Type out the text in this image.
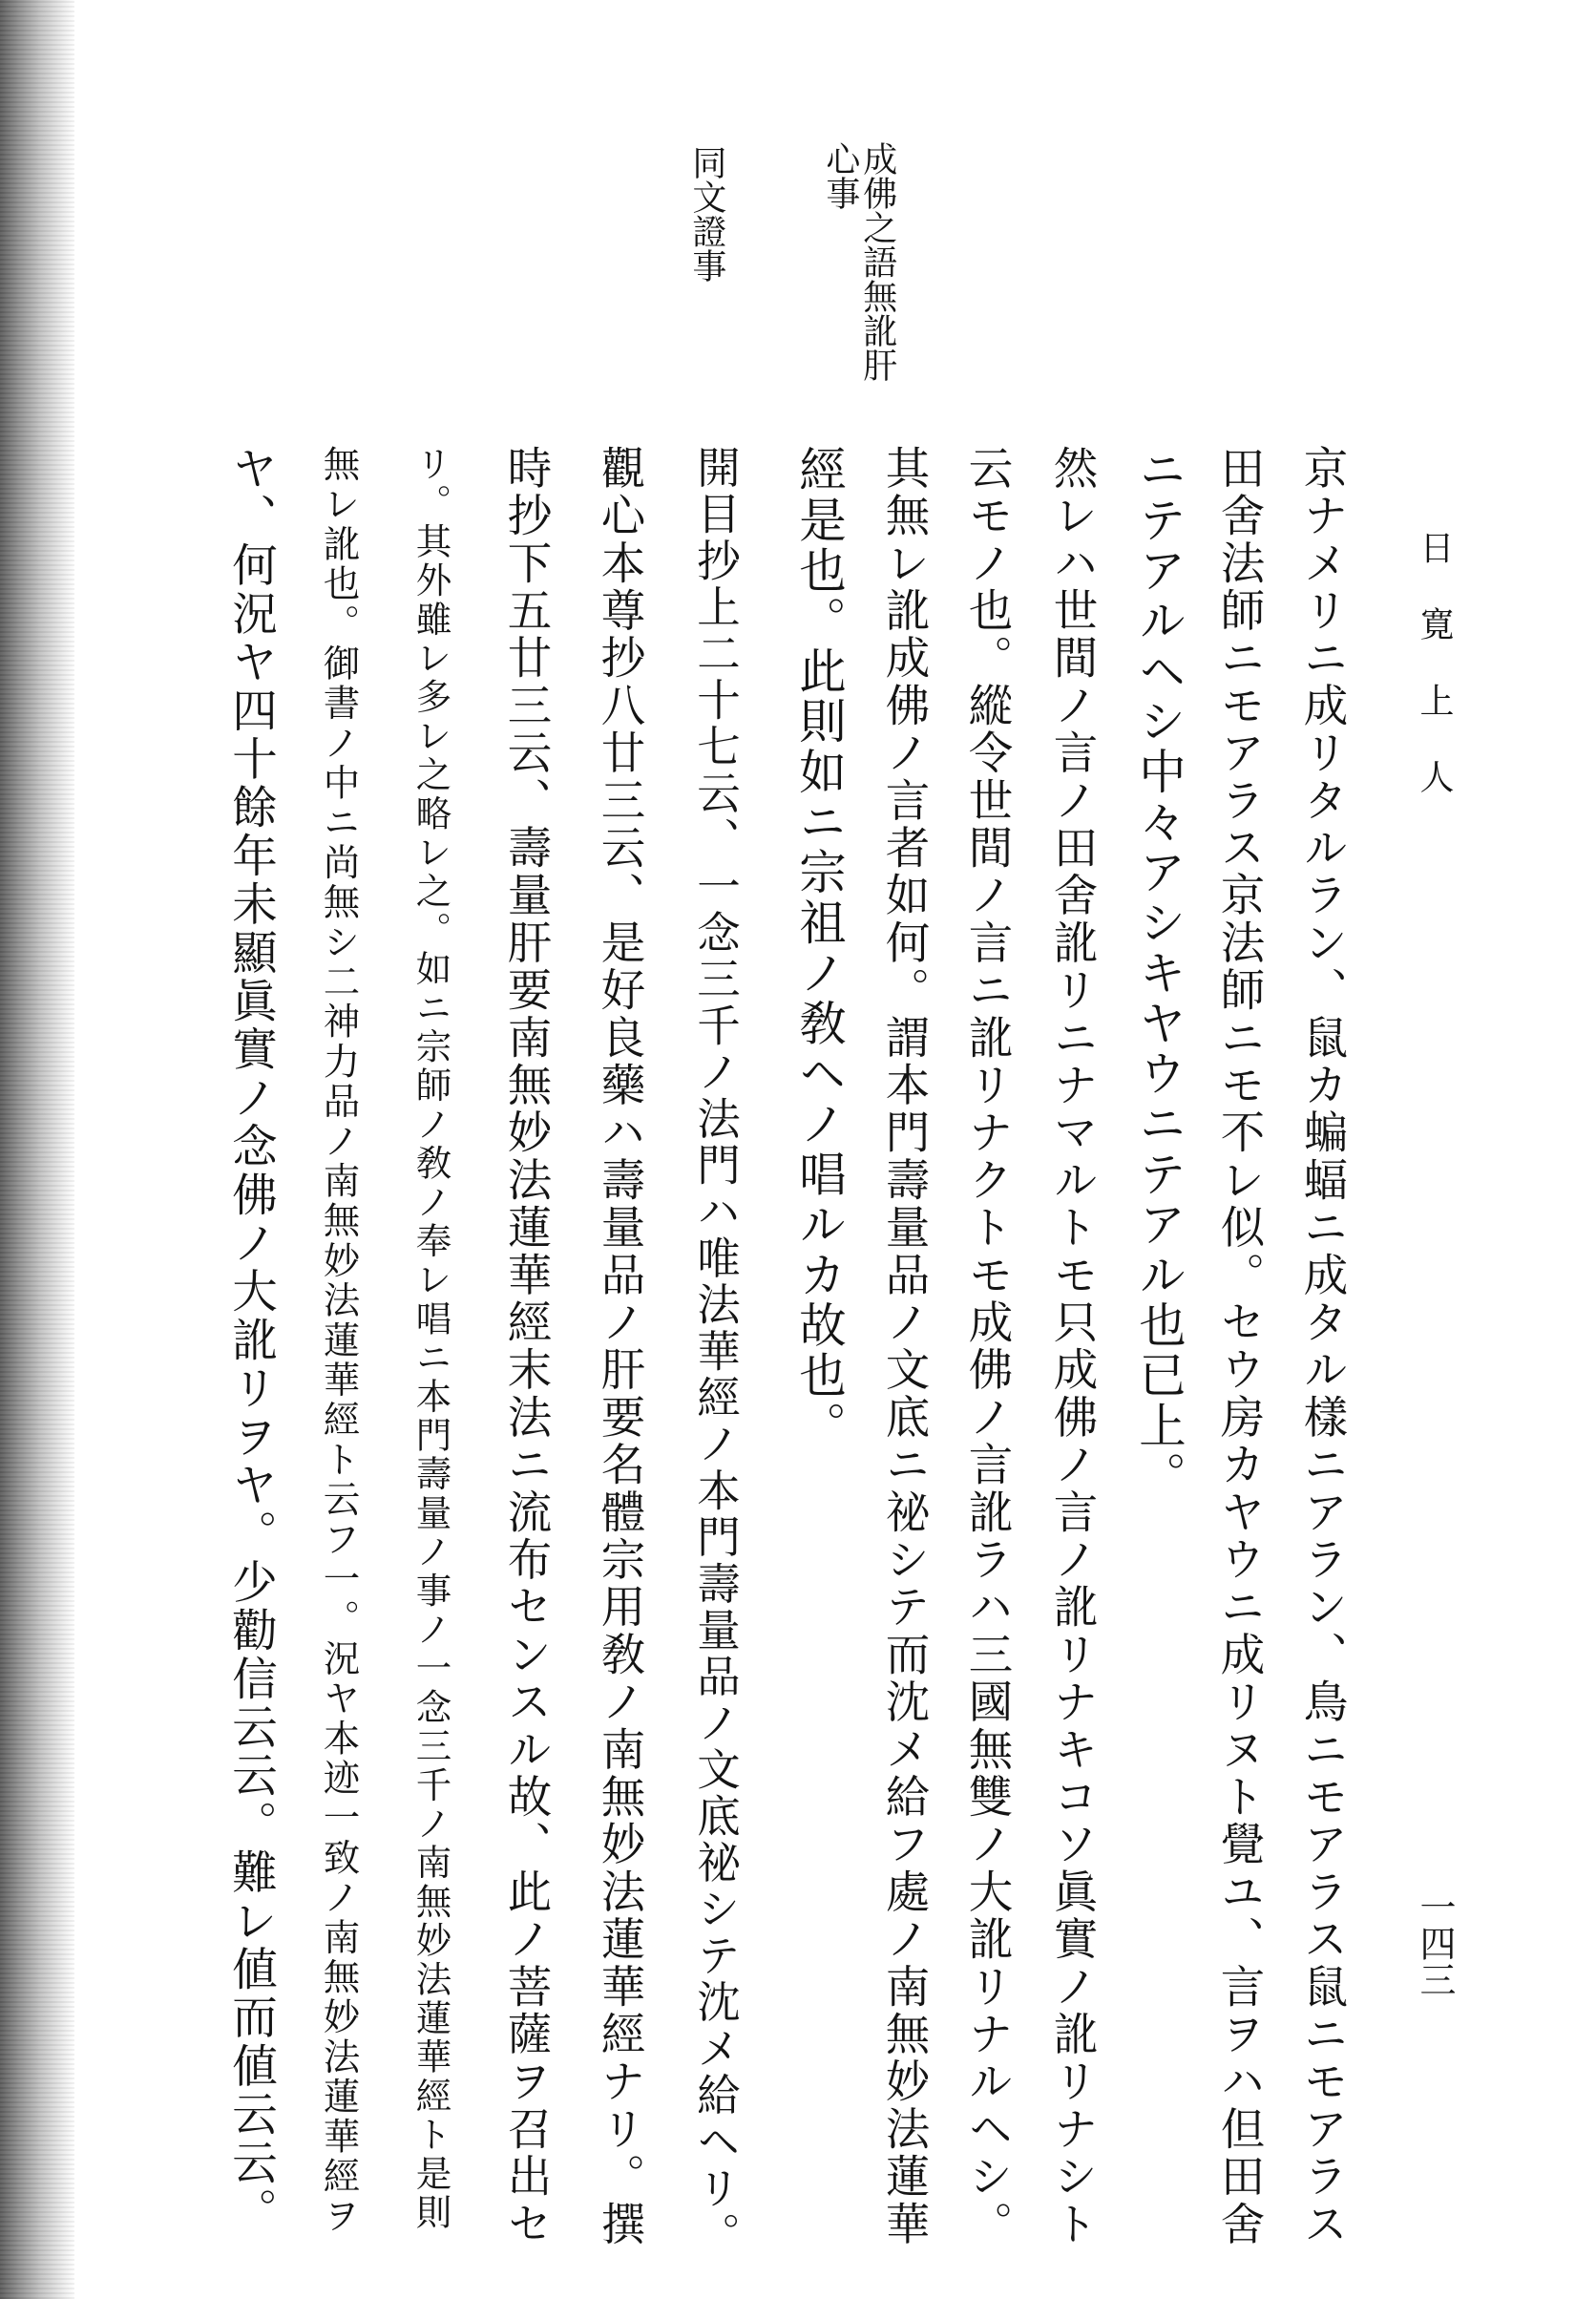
日寛上人
一四三
成佛之語無訛肝
心事
同文證事
京ナメリニ成リタルラン、鼠カ蝙蝠ニ成タル樣ニアラン、鳥ニモアラス鼠ニモアラス
田舍法師ニモアラス京法師ニモ不レ似。セウ房カヤウニ成リヌト覺ユ、言ヲハ但田舍
ニテアルヘシ中々アシキヤウニテアル也已上。
然レハ世間ノ言ノ田舍訛リニナマルトモ只成佛ノ言ノ訛リナキコソ眞實ノ訛リナシト
云モノ也。縱令世間ノ言ニ訛リナクトモ成佛ノ言訛ラハ三國無雙ノ大訛リナルヘシ。
其無レ訛成佛ノ言者如何。謂本門壽量品ノ文底ニ祕シテ而沈メ給フ處ノ南無妙法蓮華
經是也。此則如ニ宗祖ノ敎ヘノ唱ルカ故也。
開目抄上二十七云、一念三千ノ法門ハ唯法華經ノ本門壽量品ノ文底祕シテ沈メ給ヘリ。
觀心本尊抄八廿三云、是好良藥ハ壽量品ノ肝要名體宗用敎ノ南無妙法蓮華經ナリ。撰
時抄下五廿三云、壽量肝要南無妙法蓮華經末法ニ流布センスル故、此ノ菩薩ヲ召出セ
リ。其外雖レ多レ之略レ之。如ニ宗師ノ敎ノ奉レ唱ニ本門壽量ノ事ノ一念三千ノ南無妙法蓮華經ト是則
無レ訛也。御書ノ中ニ尚無シ二神力品ノ南無妙法蓮華經ト云フ一。況ヤ本迹一致ノ南無妙法蓮華經ヲ
ヤ、何況ヤ四十餘年未顯眞實ノ念佛ノ大訛リヲヤ。少勸信云云。難レ値而値云云。
